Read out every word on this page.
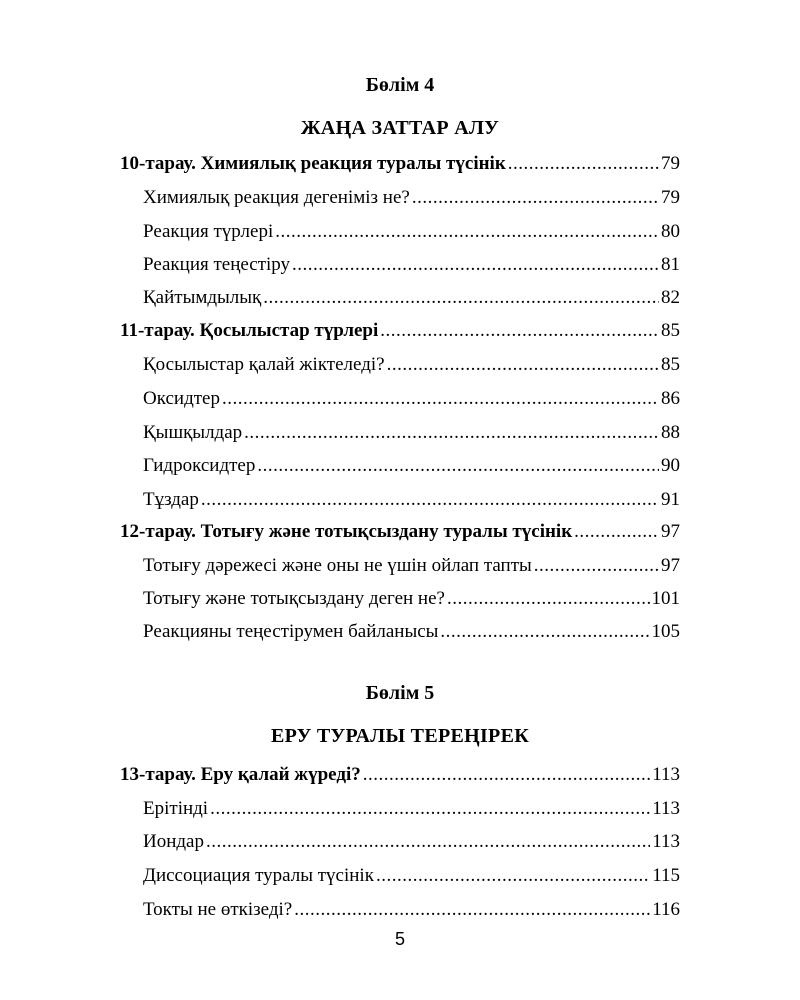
Бөлім 4
ЖАҢА ЗАТТАР АЛУ
10-тарау. Химиялық реакция туралы түсінік .....	79
Химиялық реакция дегеніміз не? .....	79
Реакция түрлері .....	80
Реакция теңестіру .....	81
Қайтымдылық .....	82
11-тарау. Қосылыстар түрлері .....	85
Қосылыстар қалай жіктеледі? .....	85
Оксидтер .....	86
Қышқылдар .....	88
Гидроксидтер .....	90
Тұздар .....	91
12-тарау. Тотығу және тотықсыздану туралы түсінік .....	97
Тотығу дәрежесі және оны не үшін ойлап тапты .....	97
Тотығу және тотықсыздану деген не? .....	101
Реакцияны теңестірумен байланысы .....	105
Бөлім 5
ЕРУ ТУРАЛЫ ТЕРЕҢІРЕК
13-тарау. Еру қалай жүреді? .....	113
Ерітінді .....	113
Иондар .....	113
Диссоциация туралы түсінік .....	115
Токты не өткізеді? .....	116
5
